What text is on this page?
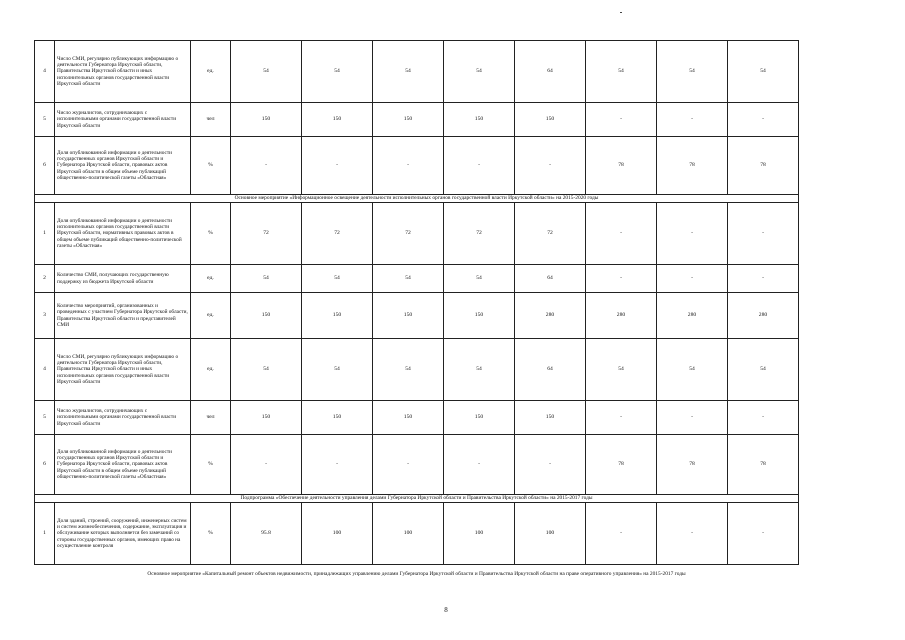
4	Число СМИ, регулярно публикующих информацию о деятельности Губернатора Иркутской области, Правительства Иркутской области и иных исполнительных органов государственной власти Иркутской области	ед.	54	54	54	54	64	54	54	54
5	Число журналистов, сотрудничающих с исполнительными органами государственной власти Иркутской области	чел	150	150	150	150	150	-	-	-
6	Доля опубликованной информации о деятельности государственных органов Иркутской области и Губернатора Иркутской области, правовых актов Иркутской области в общем объеме публикаций общественно-политической газеты «Областная»	%	-	-	-	-	-	78	78	78
Основное мероприятие «Информационное освещение деятельности исполнительных органов государственной власти Иркутской области» на 2015-2020 годы										
1	Доля опубликованной информации о деятельности исполнительных органов государственной власти Иркутской области, нормативных правовых актов в общем объеме публикаций общественно-политической газеты «Областная»	%	72	72	72	72	72	-	-	-
2	Количество СМИ, получающих государственную поддержку из бюджета Иркутской области	ед.	54	54	54	54	64	-	-	-
3	Количество мероприятий, организованных и проведенных с участием Губернатора Иркутской области, Правительства Иркутской области и представителей СМИ	ед.	150	150	150	150	280	280	280	280
4	Число СМИ, регулярно публикующих информацию о деятельности Губернатора Иркутской области, Правительства Иркутской области и иных исполнительных органов государственной власти Иркутской области	ед.	54	54	54	54	64	54	54	54
5	Число журналистов, сотрудничающих с исполнительными органами государственной власти Иркутской области	чел	150	150	150	150	150	-	-	-
6	Доля опубликованной информации о деятельности государственных органов Иркутской области и Губернатора Иркутской области, правовых актов Иркутской области в общем объеме публикаций общественно-политической газеты «Областная»	%	-	-	-	-	-	78	78	78
Подпрограмма «Обеспечение деятельности управления делами Губернатора Иркутской области и Правительства Иркутской области» на 2015-2017 годы										
1	Доля зданий, строений, сооружений, инженерных систем и систем жизнеобеспечения, содержание, эксплуатация и обслуживание которых выполняется без замечаний со стороны государственных органов, имеющих право на осуществление контроля	%	95.8	100	100	100	100	-	-	-
Основное мероприятие «Капитальный ремонт объектов недвижимости, принадлежащих управлению делами Губернатора Иркутской области и Правительства Иркутской области на праве оперативного управления» на 2015-2017 годы
8
